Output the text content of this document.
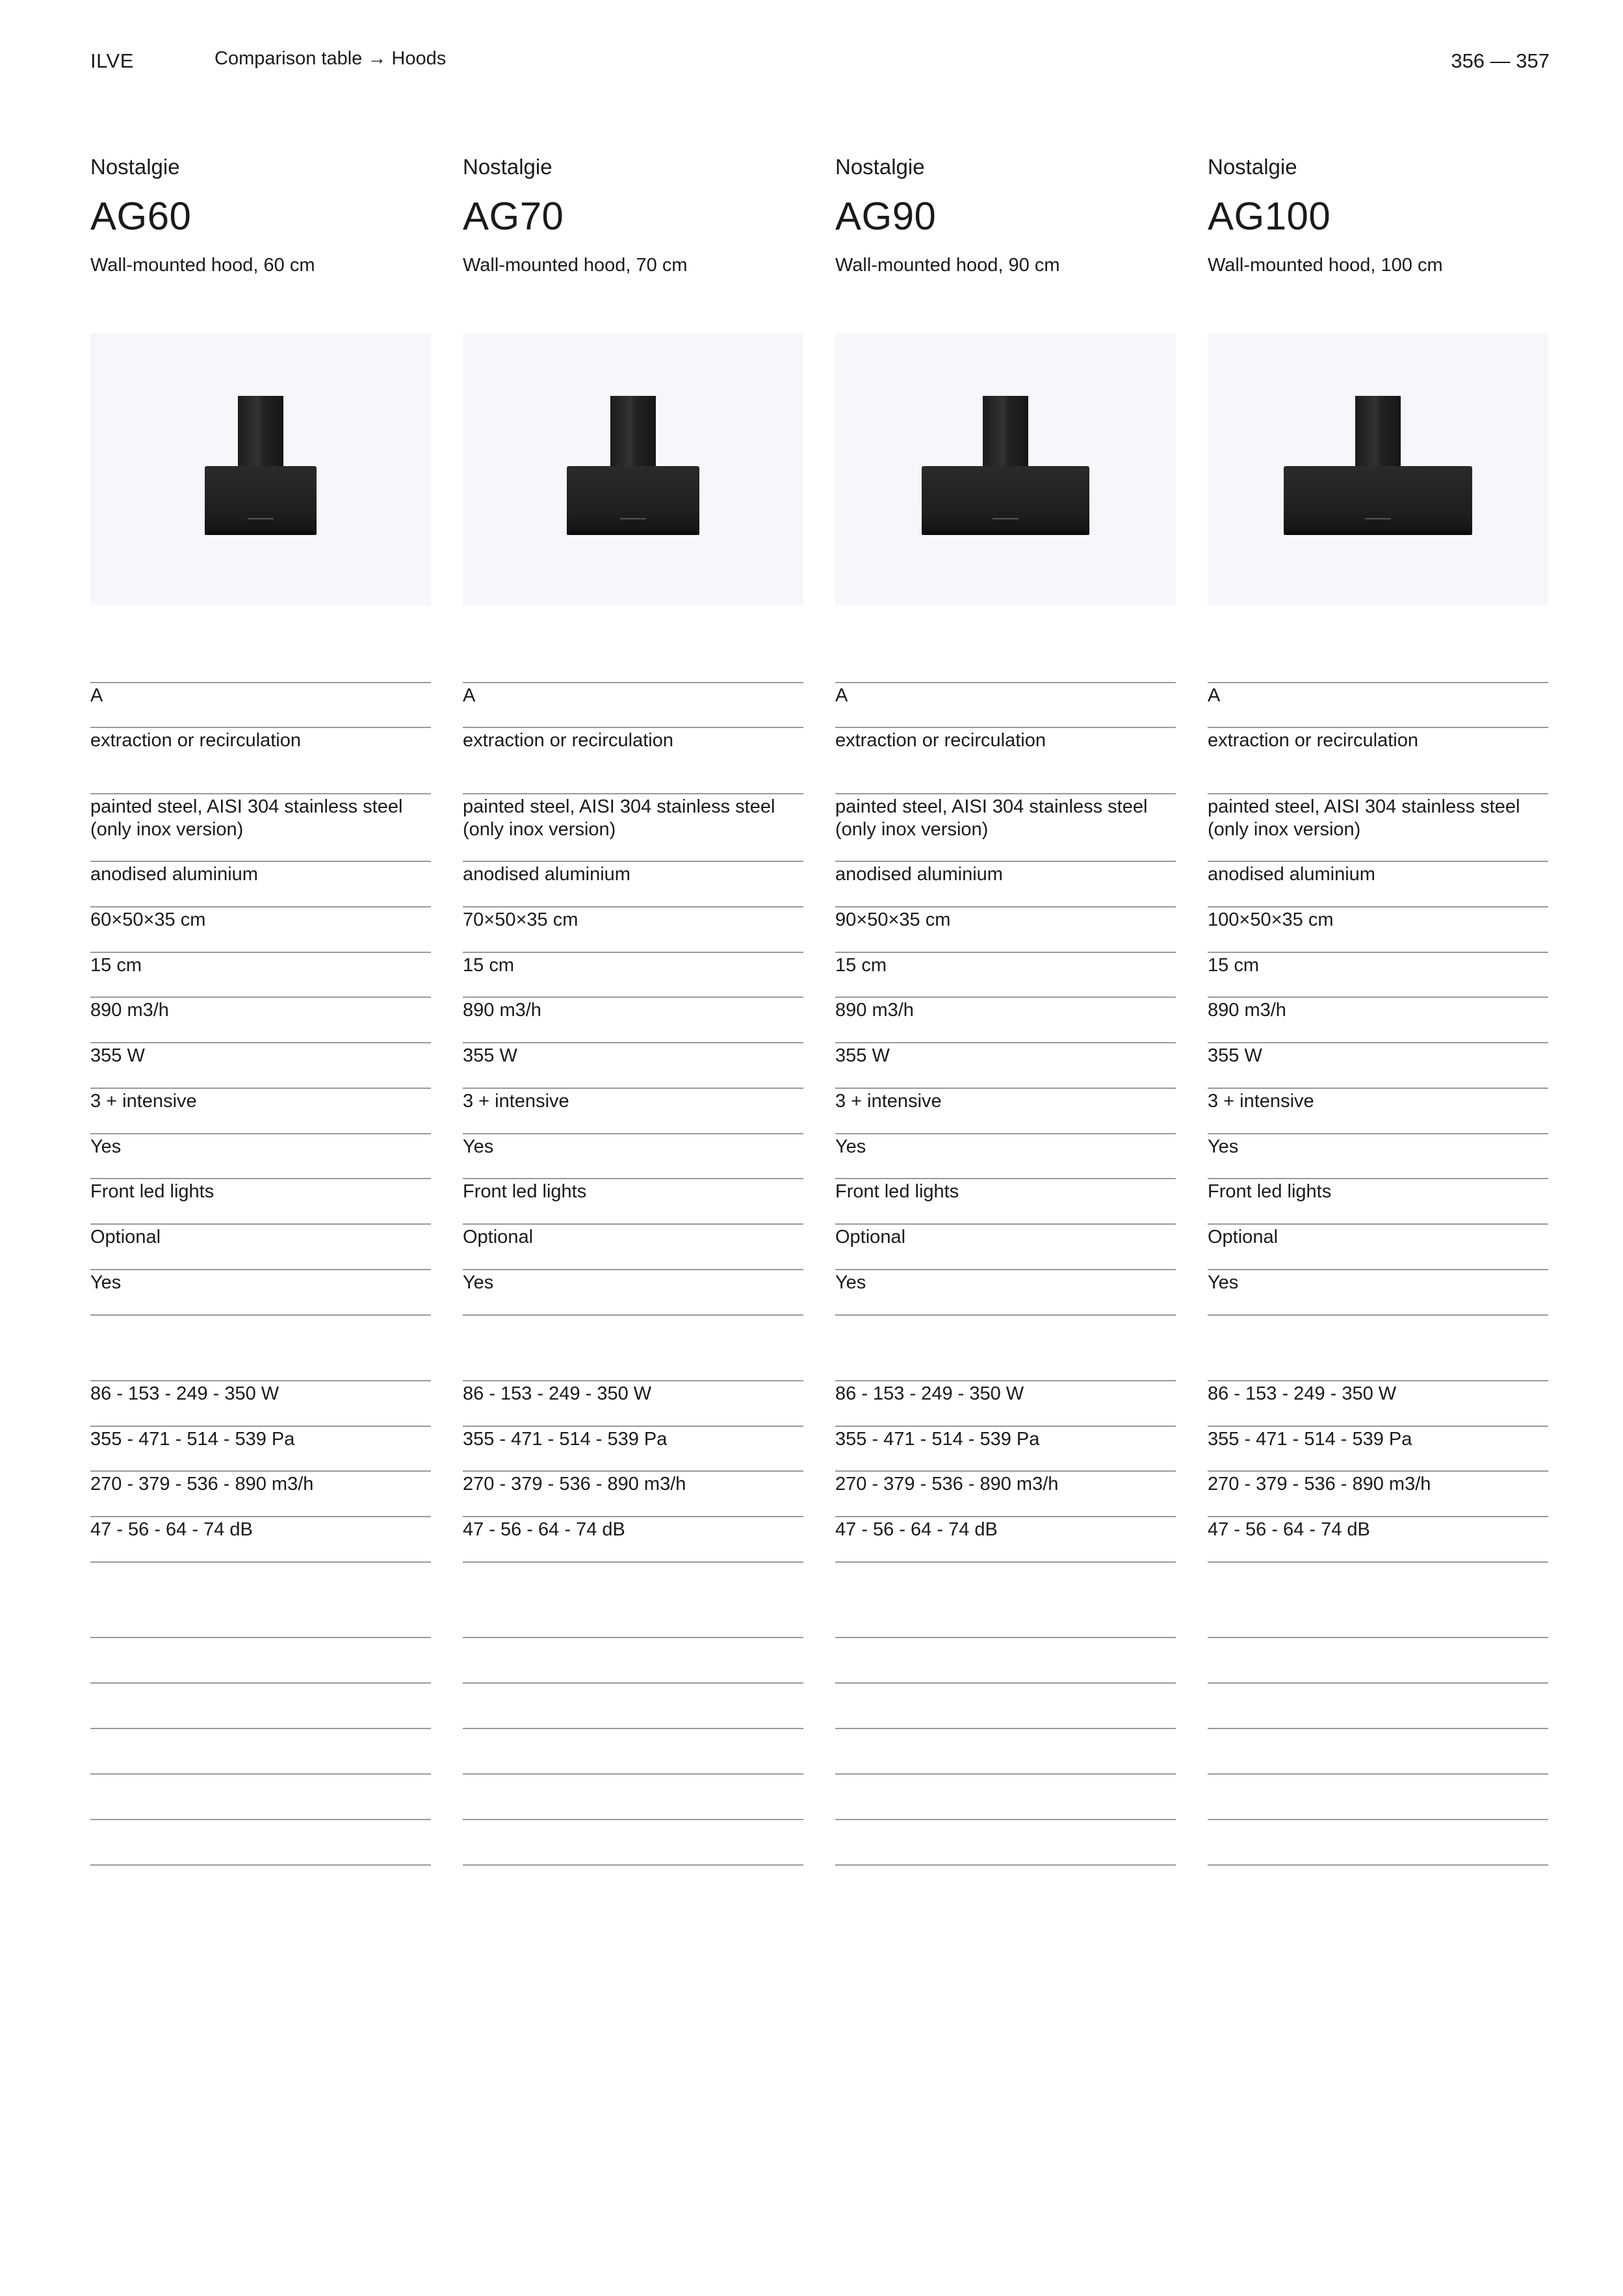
ILVE	Comparison table → Hoods	356 — 357
Nostalgie
AG60
Wall-mounted hood, 60 cm
A
extraction or recirculation
painted steel, AISI 304 stainless steel (only inox version)
anodised aluminium
60×50×35 cm
15 cm
890 m3/h
355 W
3 + intensive
Yes
Front led lights
Optional
Yes
86 - 153 - 249 - 350 W
355 - 471 - 514 - 539 Pa
270 - 379 - 536 - 890 m3/h
47 - 56 - 64 - 74 dB
Nostalgie
AG70
Wall-mounted hood, 70 cm
A
extraction or recirculation
painted steel, AISI 304 stainless steel (only inox version)
anodised aluminium
70×50×35 cm
15 cm
890 m3/h
355 W
3 + intensive
Yes
Front led lights
Optional
Yes
86 - 153 - 249 - 350 W
355 - 471 - 514 - 539 Pa
270 - 379 - 536 - 890 m3/h
47 - 56 - 64 - 74 dB
Nostalgie
AG90
Wall-mounted hood, 90 cm
A
extraction or recirculation
painted steel, AISI 304 stainless steel (only inox version)
anodised aluminium
90×50×35 cm
15 cm
890 m3/h
355 W
3 + intensive
Yes
Front led lights
Optional
Yes
86 - 153 - 249 - 350 W
355 - 471 - 514 - 539 Pa
270 - 379 - 536 - 890 m3/h
47 - 56 - 64 - 74 dB
Nostalgie
AG100
Wall-mounted hood, 100 cm
A
extraction or recirculation
painted steel, AISI 304 stainless steel (only inox version)
anodised aluminium
100×50×35 cm
15 cm
890 m3/h
355 W
3 + intensive
Yes
Front led lights
Optional
Yes
86 - 153 - 249 - 350 W
355 - 471 - 514 - 539 Pa
270 - 379 - 536 - 890 m3/h
47 - 56 - 64 - 74 dB
